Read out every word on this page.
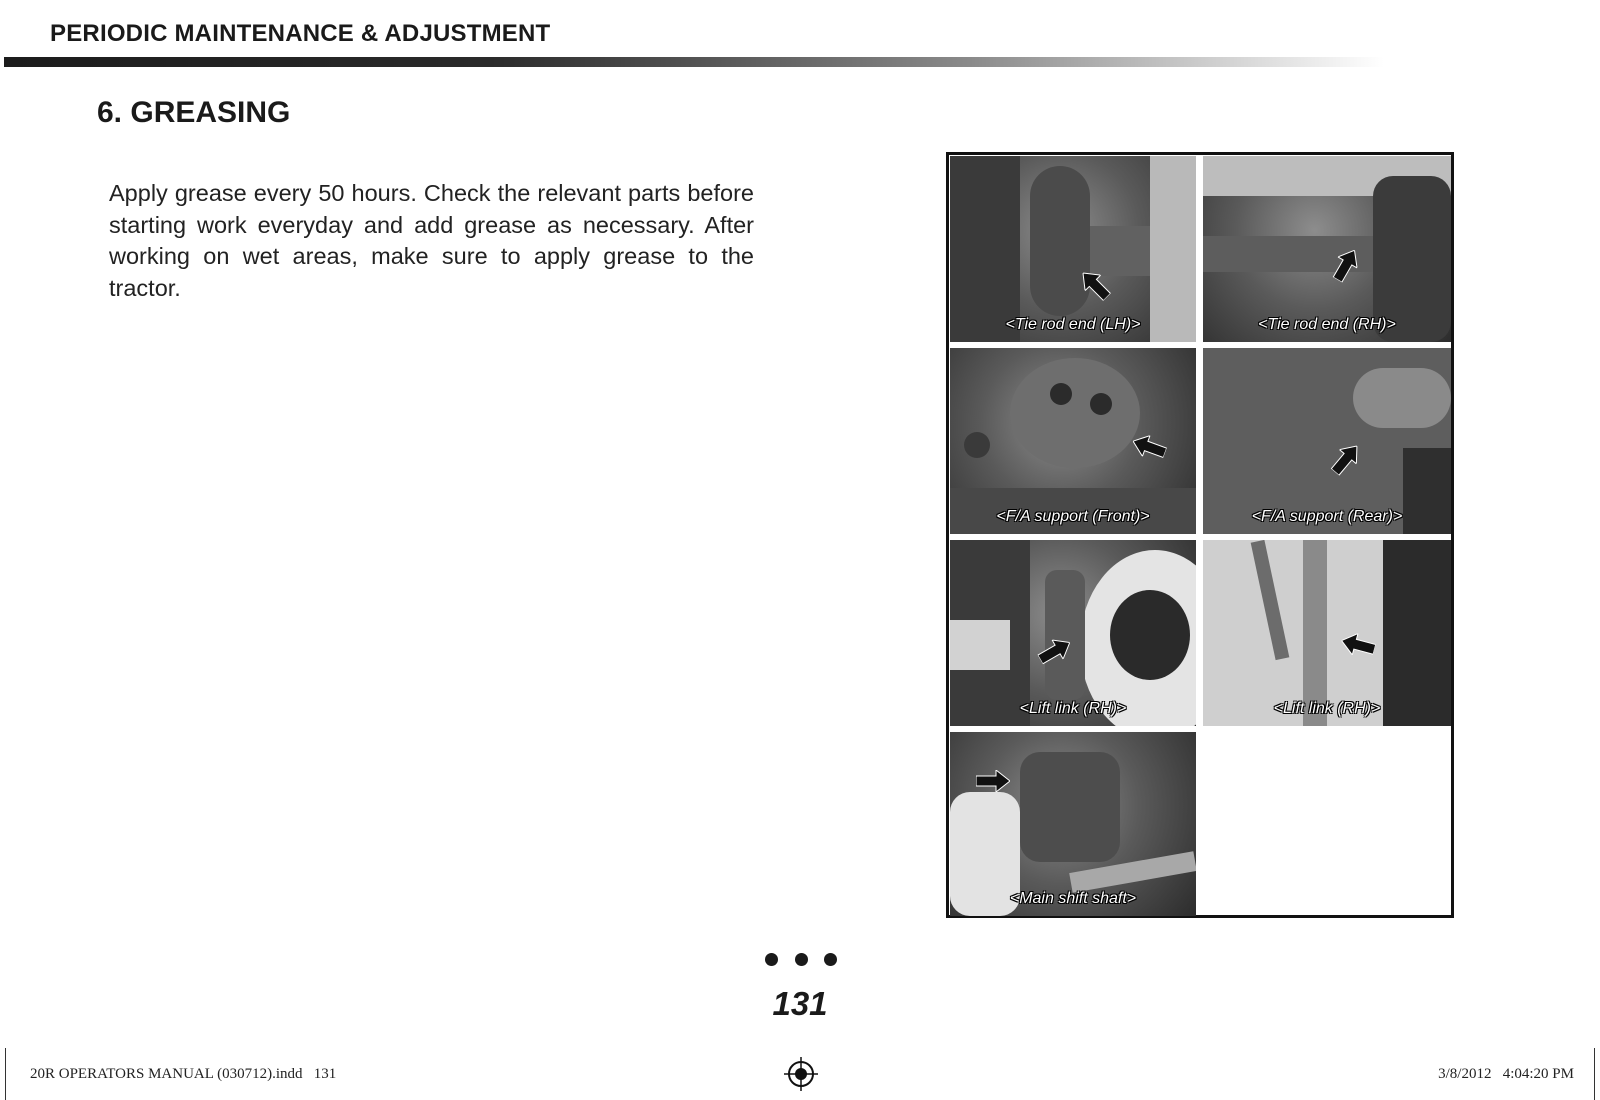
PERIODIC MAINTENANCE & ADJUSTMENT
6. GREASING
Apply grease every 50 hours. Check the relevant parts before starting work everyday and add grease as necessary. After working on wet areas, make sure to apply grease to the tractor.
<Tie rod end (LH)>	<Tie rod end (RH)>
<F/A support (Front)>	<F/A support (Rear)>
<Lift link (RH)>	<Lift link (RH)>
<Main shift shaft>
131
20R OPERATORS MANUAL (030712).indd   131	3/8/2012   4:04:20 PM
